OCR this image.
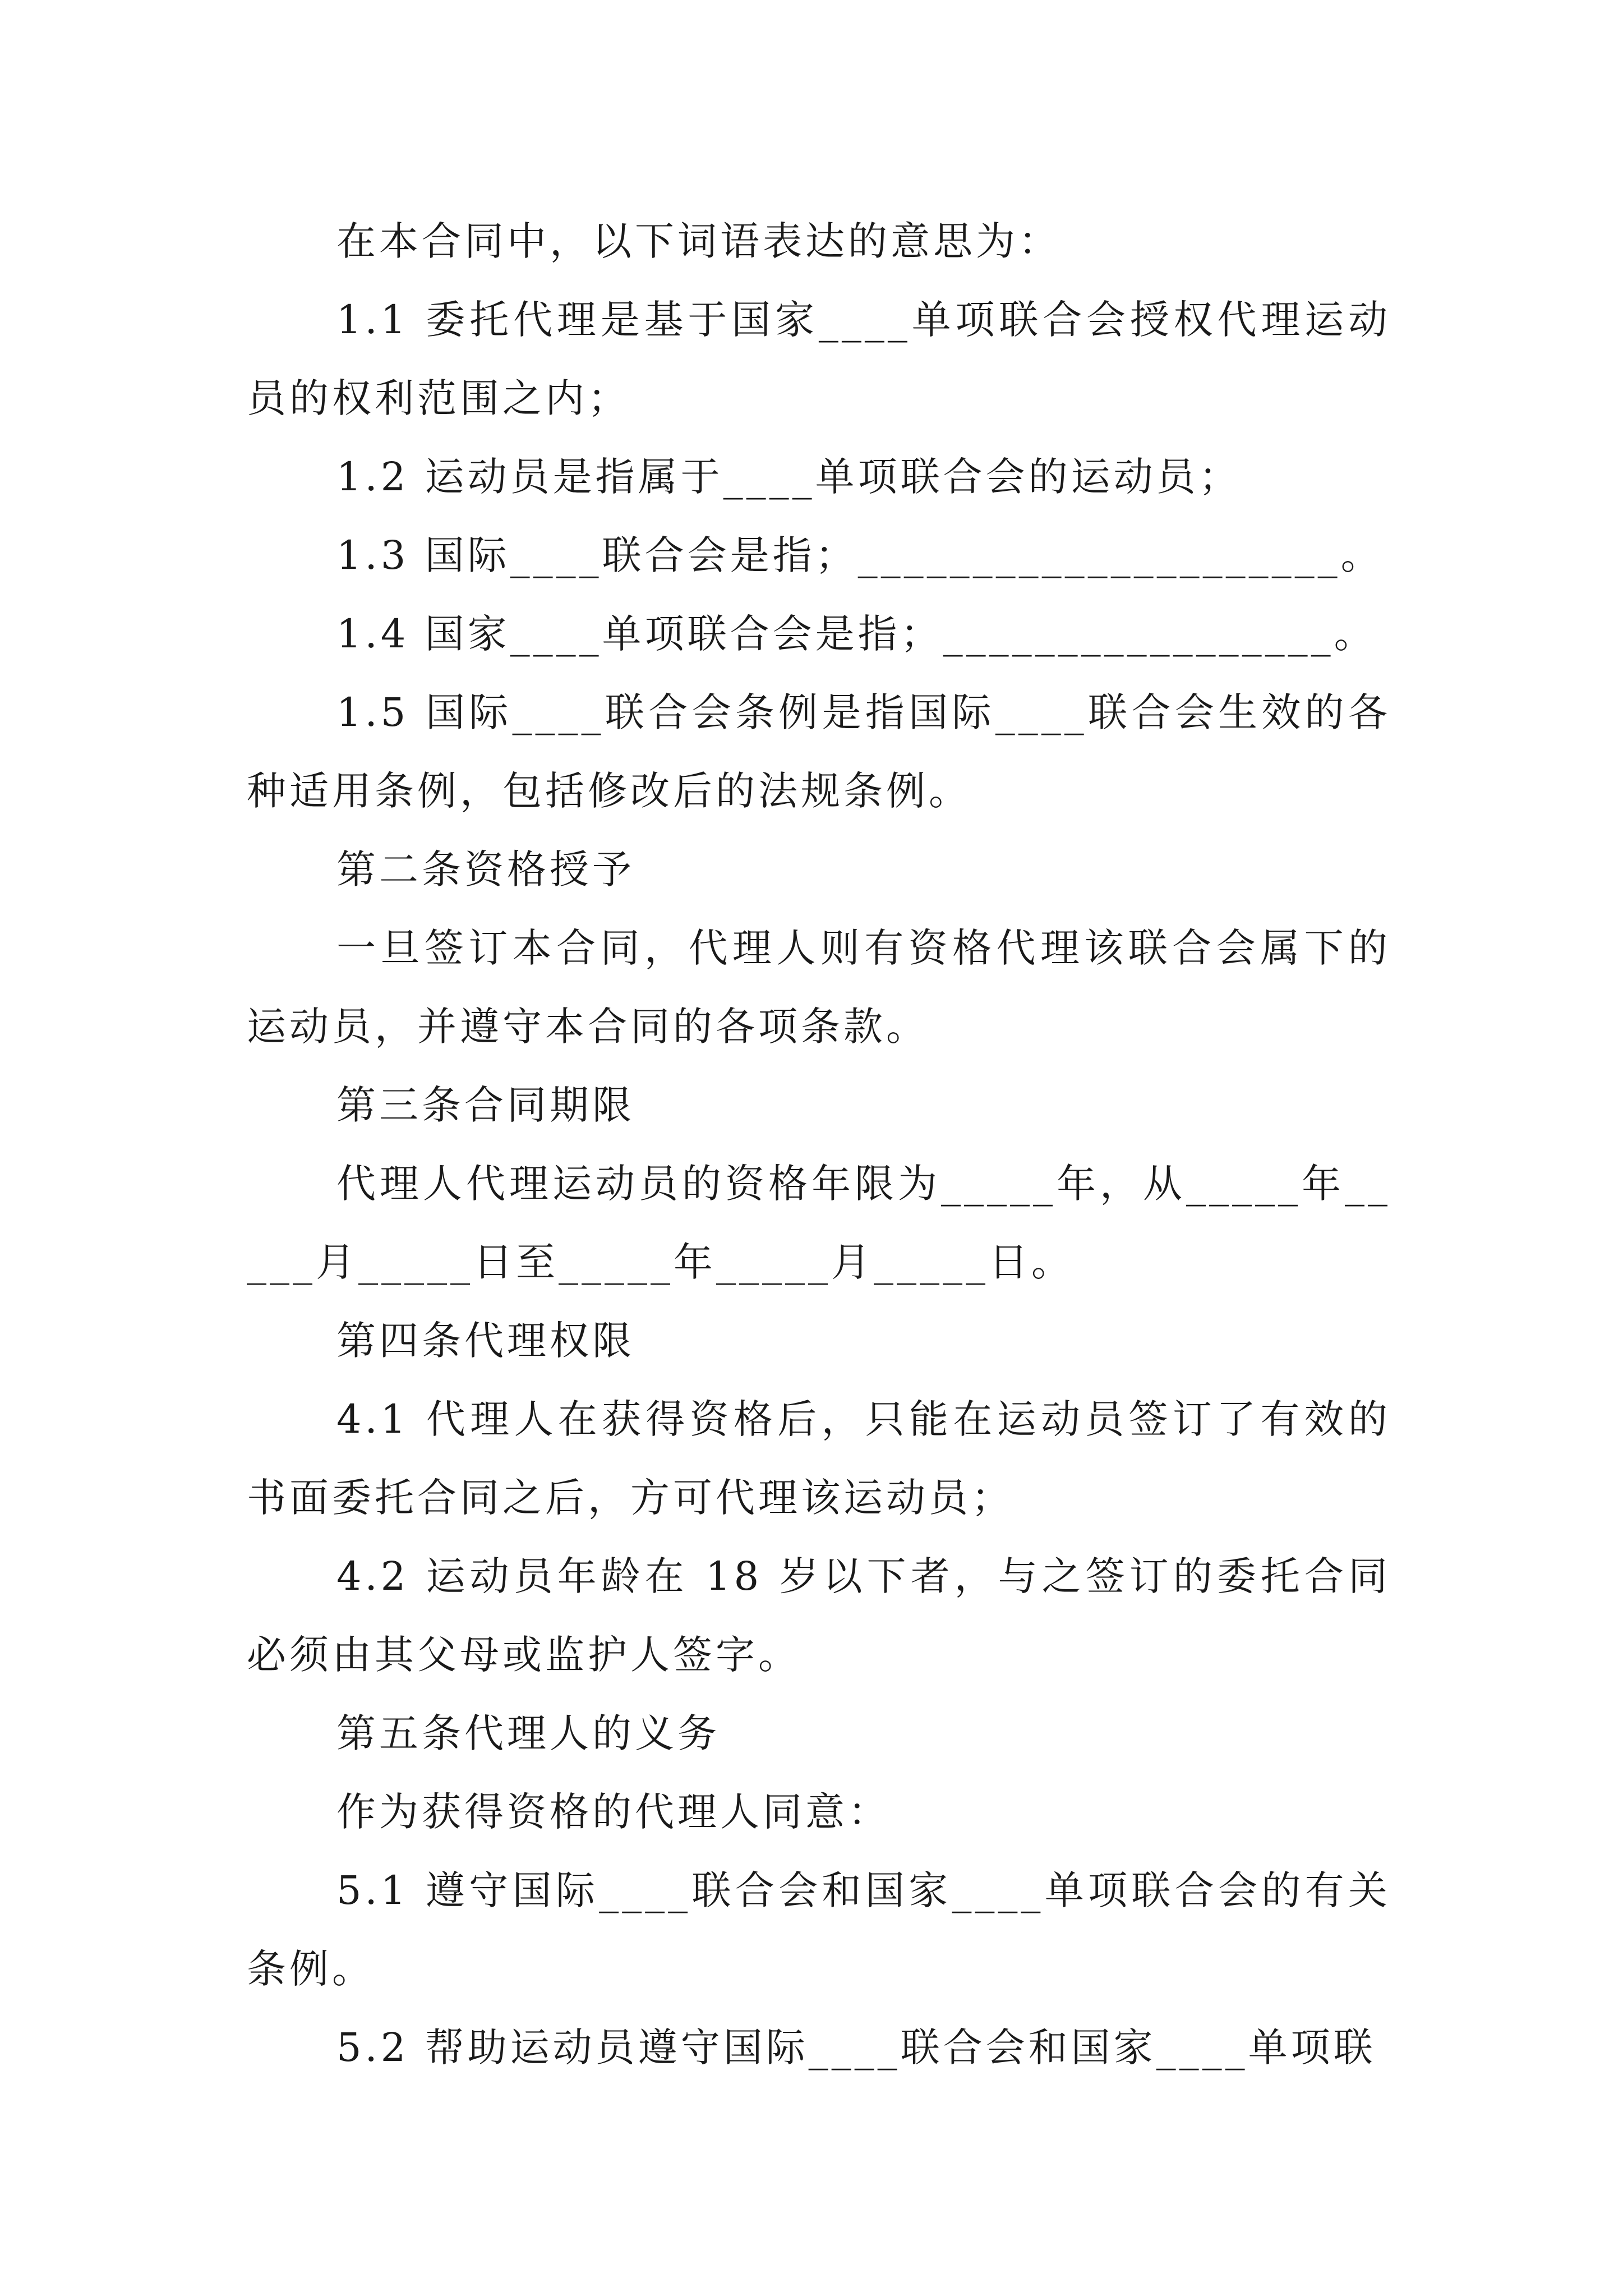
在本合同中，以下词语表达的意思为：

1.1 委托代理是基于国家____单项联合会授权代理运动员的权利范围之内；

1.2 运动员是指属于____单项联合会的运动员；

1.3 国际____联合会是指；_____________________。

1.4 国家____单项联合会是指；_________________。

1.5 国际____联合会条例是指国际____联合会生效的各种适用条例，包括修改后的法规条例。

第二条资格授予

一旦签订本合同，代理人则有资格代理该联合会属下的运动员，并遵守本合同的各项条款。

第三条合同期限

代理人代理运动员的资格年限为_____年，从_____年_____月_____日至_____年_____月_____日。

第四条代理权限

4.1 代理人在获得资格后，只能在运动员签订了有效的书面委托合同之后，方可代理该运动员；

4.2 运动员年龄在 18 岁以下者，与之签订的委托合同必须由其父母或监护人签字。

第五条代理人的义务

作为获得资格的代理人同意：

5.1 遵守国际____联合会和国家____单项联合会的有关条例。

5.2 帮助运动员遵守国际____联合会和国家____单项联
